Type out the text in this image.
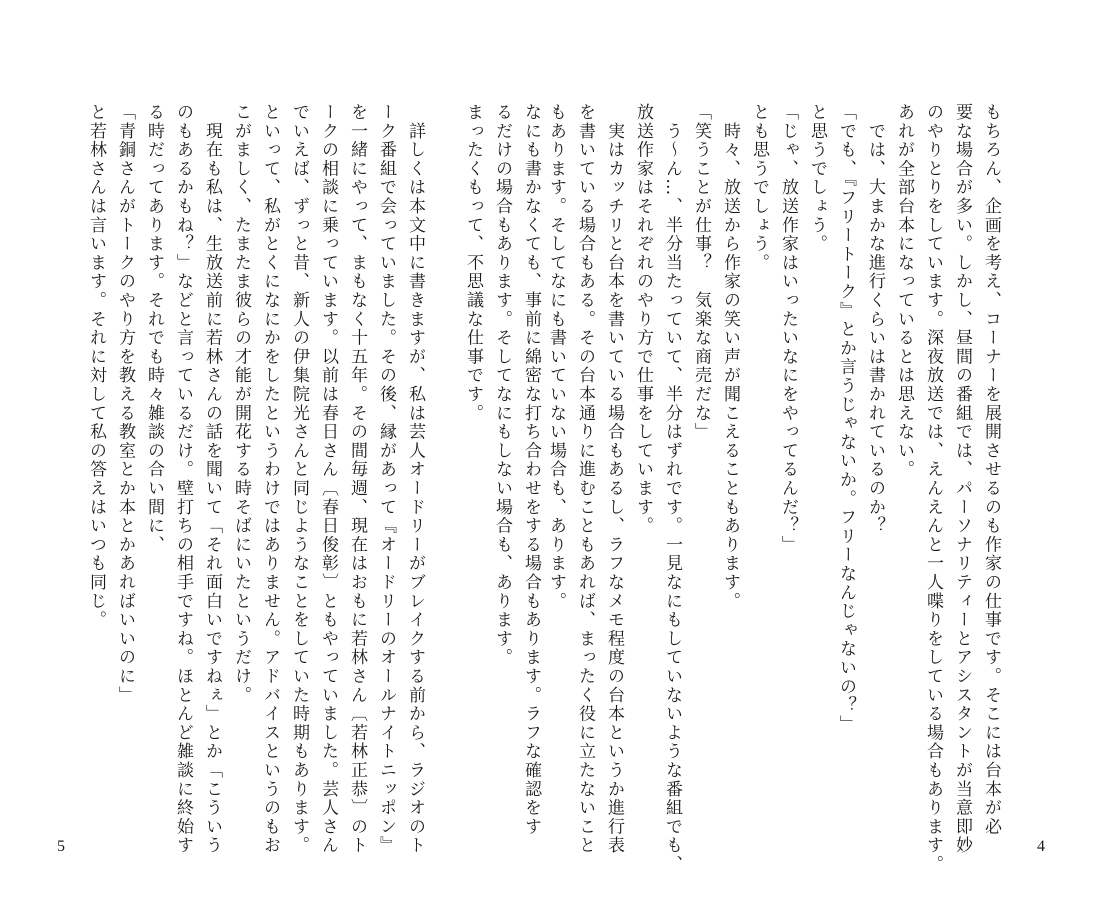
なにも書かなくても、事前に綿密な打ち合わせをする場合もあります。ラフな確認をす
るだけの場合もあります。そしてなにもしない場合も、あります。
まったくもって、不思議な仕事です。

　詳しくは本文中に書きますが、私は芸人オードリーがブレイクする前から、ラジオのト
ーク番組で会っていました。その後、縁があって『オードリーのオールナイトニッポン』
を一緒にやって、まもなく十五年。その間毎週、現在はおもに若林さん〔若林正恭〕のト
ークの相談に乗っています。以前は春日さん〔春日俊彰〕ともやっていました。芸人さん
でいえば、ずっと昔、新人の伊集院光さんと同じようなことをしていた時期もあります。
といって、私がとくになにかをしたというわけではありません。アドバイスというのもお
こがましく、たまたま彼らの才能が開花する時そばにいたというだけ。
　現在も私は、生放送前に若林さんの話を聞いて「それ面白いですねぇ」とか「こういう
のもあるかもね？」などと言っているだけ。壁打ちの相手ですね。ほとんど雑談に終始す
る時だってあります。それでも時々雑談の合い間に、
「青銅さんがトークのやり方を教える教室とか本とかあればいいのに」
と若林さんは言います。それに対して私の答えはいつも同じ。
5
もちろん、企画を考え、コーナーを展開させるのも作家の仕事です。そこには台本が必
要な場合が多い。しかし、昼間の番組では、パーソナリティーとアシスタントが当意即妙
のやりとりをしています。深夜放送では、えんえんと一人喋りをしている場合もあります。
あれが全部台本になっているとは思えない。
　では、大まかな進行くらいは書かれているのか？
「でも、『フリートーク』とか言うじゃないか。フリーなんじゃないの？」
と思うでしょう。
「じゃ、放送作家はいったいなにをやってるんだ？」
とも思うでしょう。
　時々、放送から作家の笑い声が聞こえることもあります。
「笑うことが仕事？　気楽な商売だな」
　う～ん…、半分当たっていて、半分はずれです。一見なにもしていないような番組でも、
放送作家はそれぞれのやり方で仕事をしています。
　実はカッチリと台本を書いている場合もあるし、ラフなメモ程度の台本というか進行表
を書いている場合もある。その台本通りに進むこともあれば、まったく役に立たないこと
もあります。そしてなにも書いていない場合も、あります。
4
